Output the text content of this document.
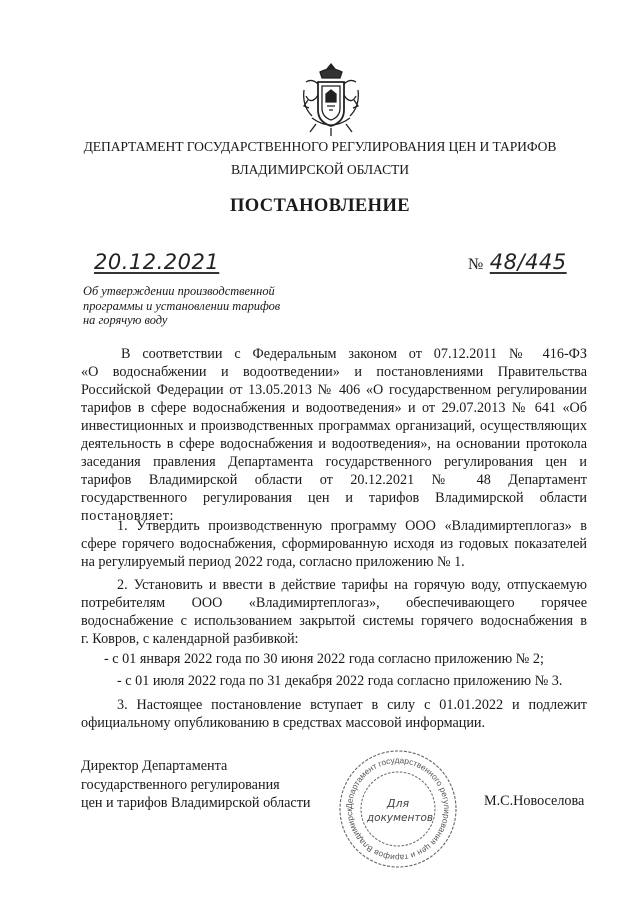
ДЕПАРТАМЕНТ ГОСУДАРСТВЕННОГО РЕГУЛИРОВАНИЯ ЦЕН И ТАРИФОВ
ВЛАДИМИРСКОЙ ОБЛАСТИ
ПОСТАНОВЛЕНИЕ
20.12.2021	№ 48/445
Об утверждении производственной
программы и установлении тарифов
на горячую воду
В соответствии с Федеральным законом от 07.12.2011 № 416-ФЗ
«О водоснабжении и водоотведении» и постановлениями Правительства
Российской Федерации от 13.05.2013 № 406 «О государственном регулировании
тарифов в сфере водоснабжения и водоотведения» и от 29.07.2013 № 641 «Об
инвестиционных и производственных программах организаций, осуществляющих
деятельность в сфере водоснабжения и водоотведения», на основании протокола
заседания правления Департамента государственного регулирования цен и
тарифов Владимирской области от 20.12.2021 № 48 Департамент
государственного регулирования цен и тарифов Владимирской области
постановляет:
1. Утвердить производственную программу ООО «Владимиртеплогаз» в
сфере горячего водоснабжения, сформированную исходя из годовых показателей
на регулируемый период 2022 года, согласно приложению № 1.
2. Установить и ввести в действие тарифы на горячую воду, отпускаемую
потребителям ООО «Владимиртеплогаз», обеспечивающего горячее
водоснабжение с использованием закрытой системы горячего водоснабжения в
г. Ковров, с календарной разбивкой:
- с 01 января 2022 года по 30 июня 2022 года согласно приложению № 2;
- с 01 июля 2022 года по 31 декабря 2022 года согласно приложению № 3.
3. Настоящее постановление вступает в силу с 01.01.2022 и подлежит
официальному опубликованию в средствах массовой информации.
Директор Департамента
государственного регулирования
цен и тарифов Владимирской области	М.С.Новоселова
Департамент государственного регулирования цен и тарифов Владимирск	Для
документов
